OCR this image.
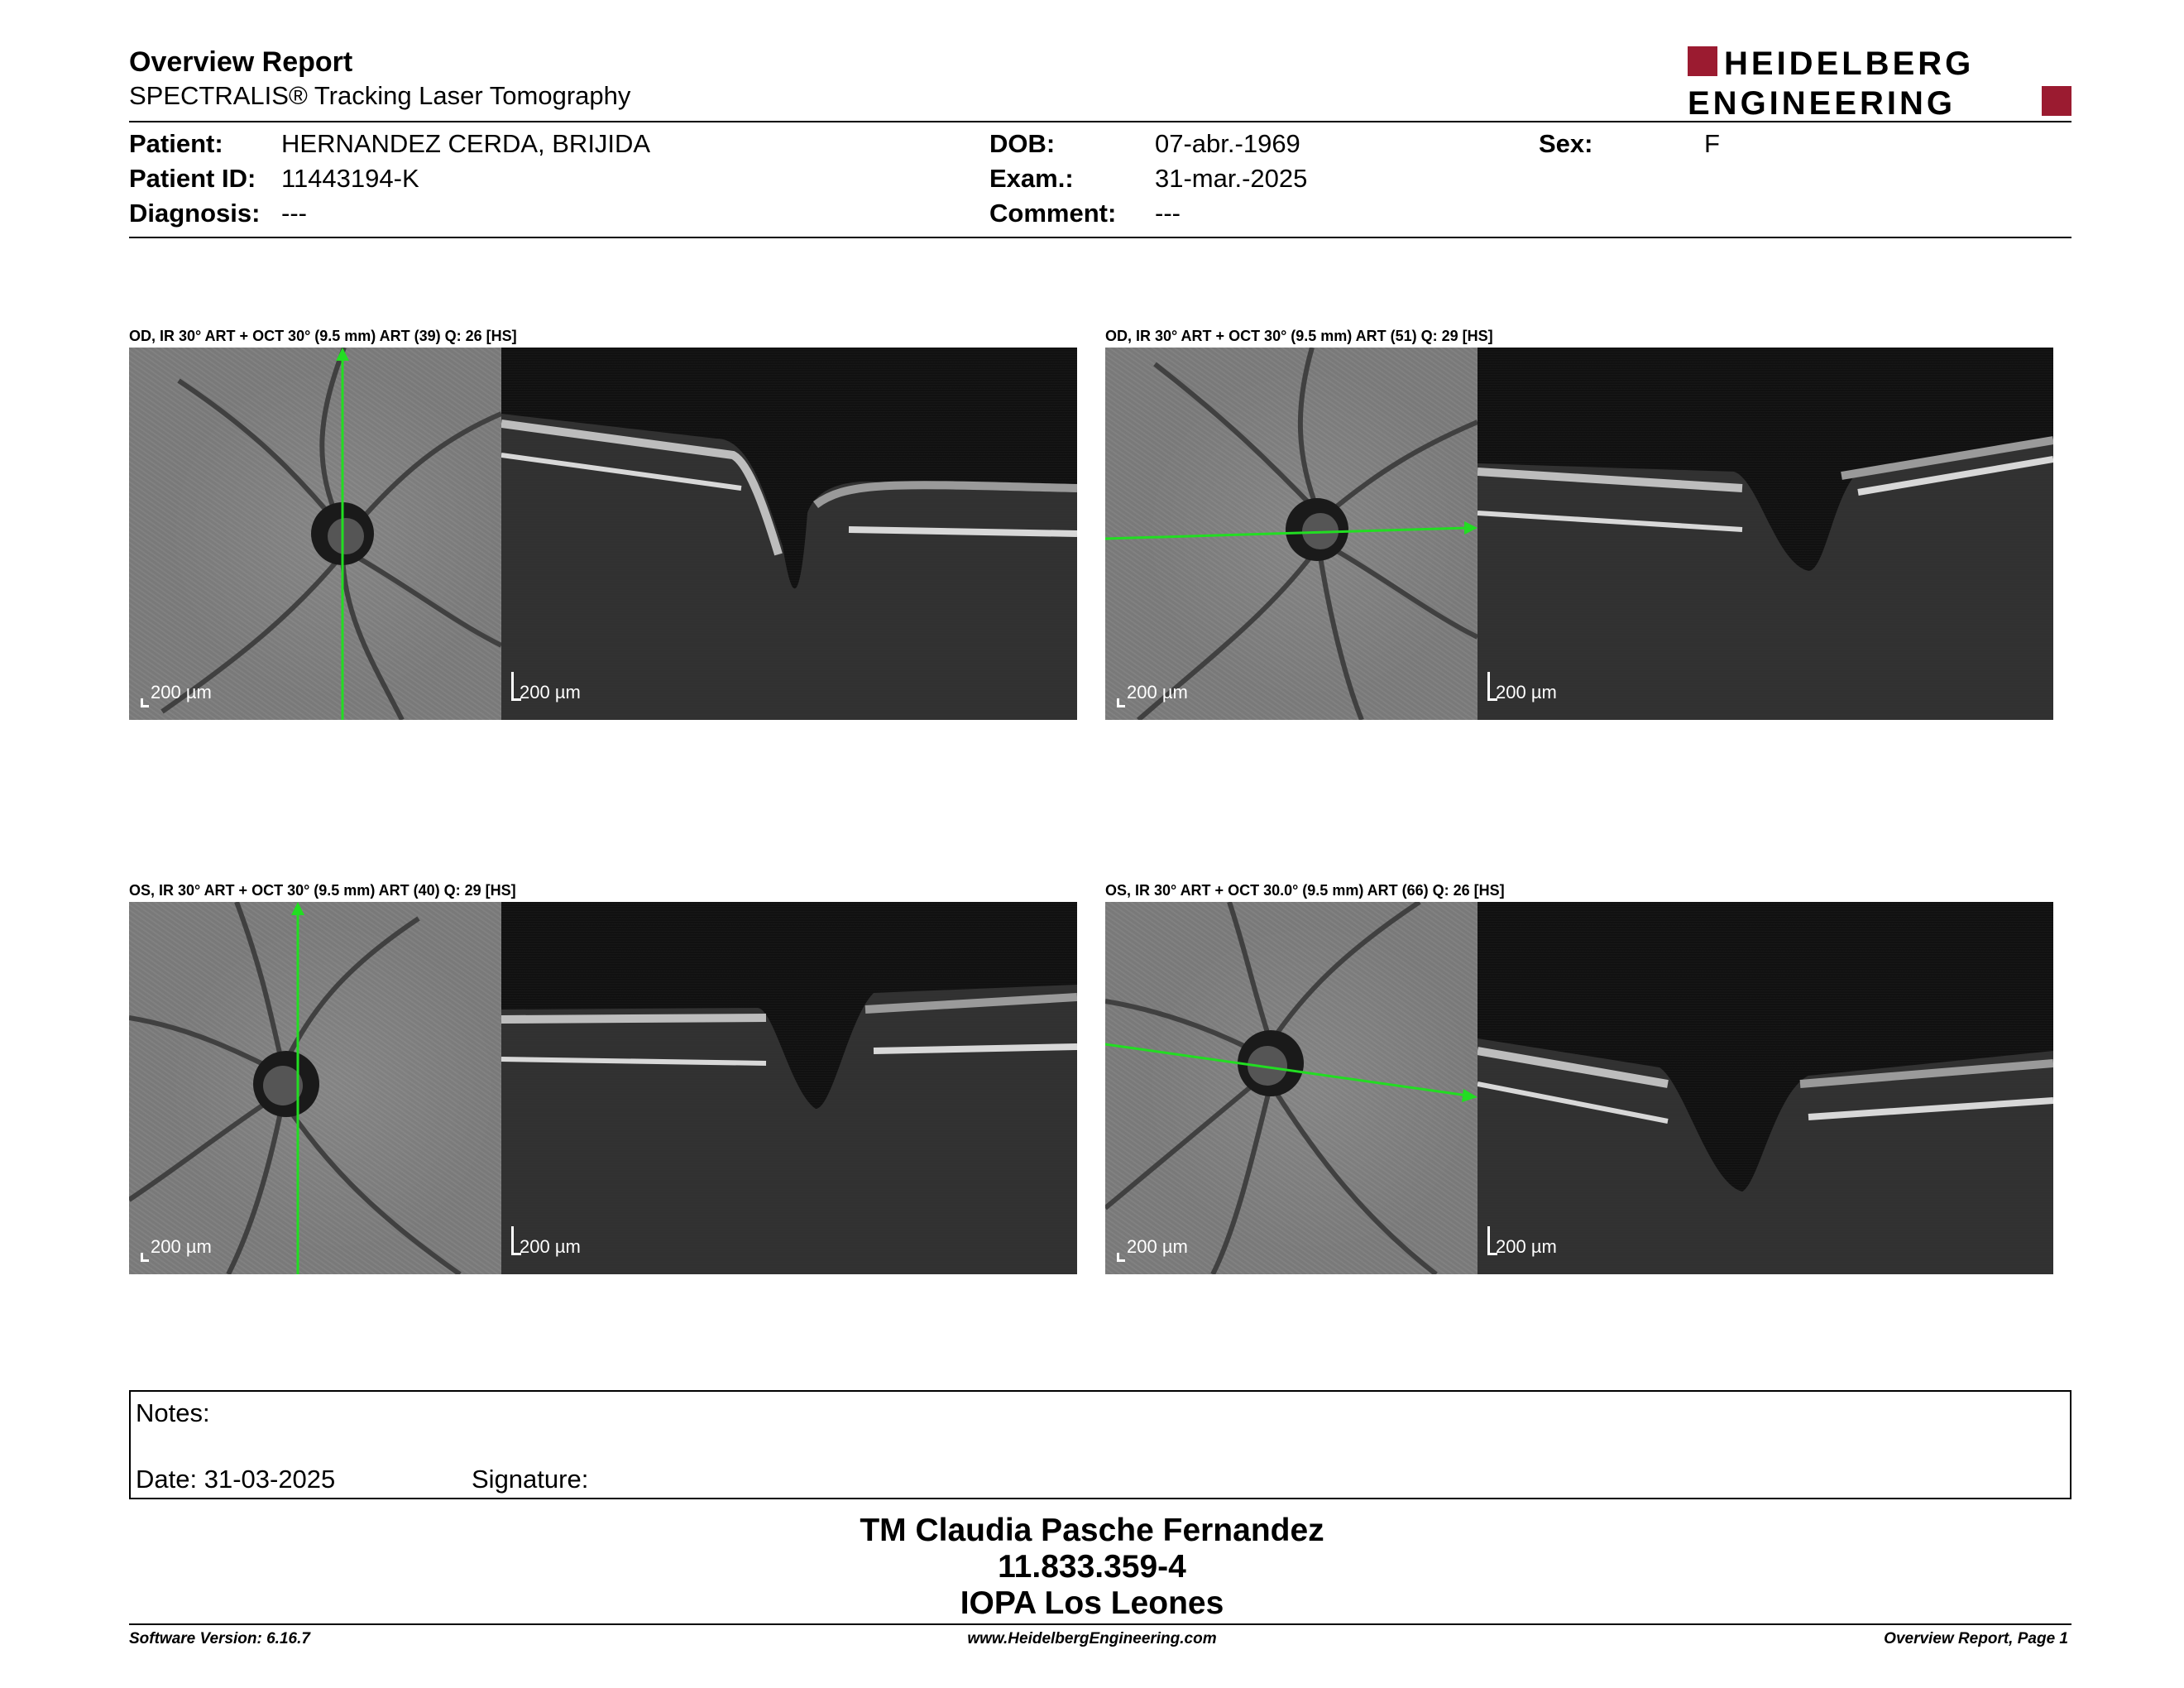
Overview Report
SPECTRALIS® Tracking Laser Tomography
HEIDELBERG
ENGINEERING
Patient: HERNANDEZ CERDA, BRIJIDA
Patient ID: 11443194-K
Diagnosis: ---
DOB:	07-abr.-1969
Exam.:	31-mar.-2025
Comment: ---
Sex:	F
OD, IR 30° ART + OCT 30° (9.5 mm) ART (39) Q: 26 [HS]
200 µm	200 µm
OD, IR 30° ART + OCT 30° (9.5 mm) ART (51) Q: 29 [HS]
200 µm	200 µm
OS, IR 30° ART + OCT 30° (9.5 mm) ART (40) Q: 29 [HS]
200 µm	200 µm
OS, IR 30° ART + OCT 30.0° (9.5 mm) ART (66) Q: 26 [HS]
200 µm	200 µm
Notes:
Date: 31-03-2025	Signature:
TM Claudia Pasche Fernandez
11.833.359-4
IOPA Los Leones
Software Version: 6.16.7	www.HeidelbergEngineering.com	Overview Report, Page 1
